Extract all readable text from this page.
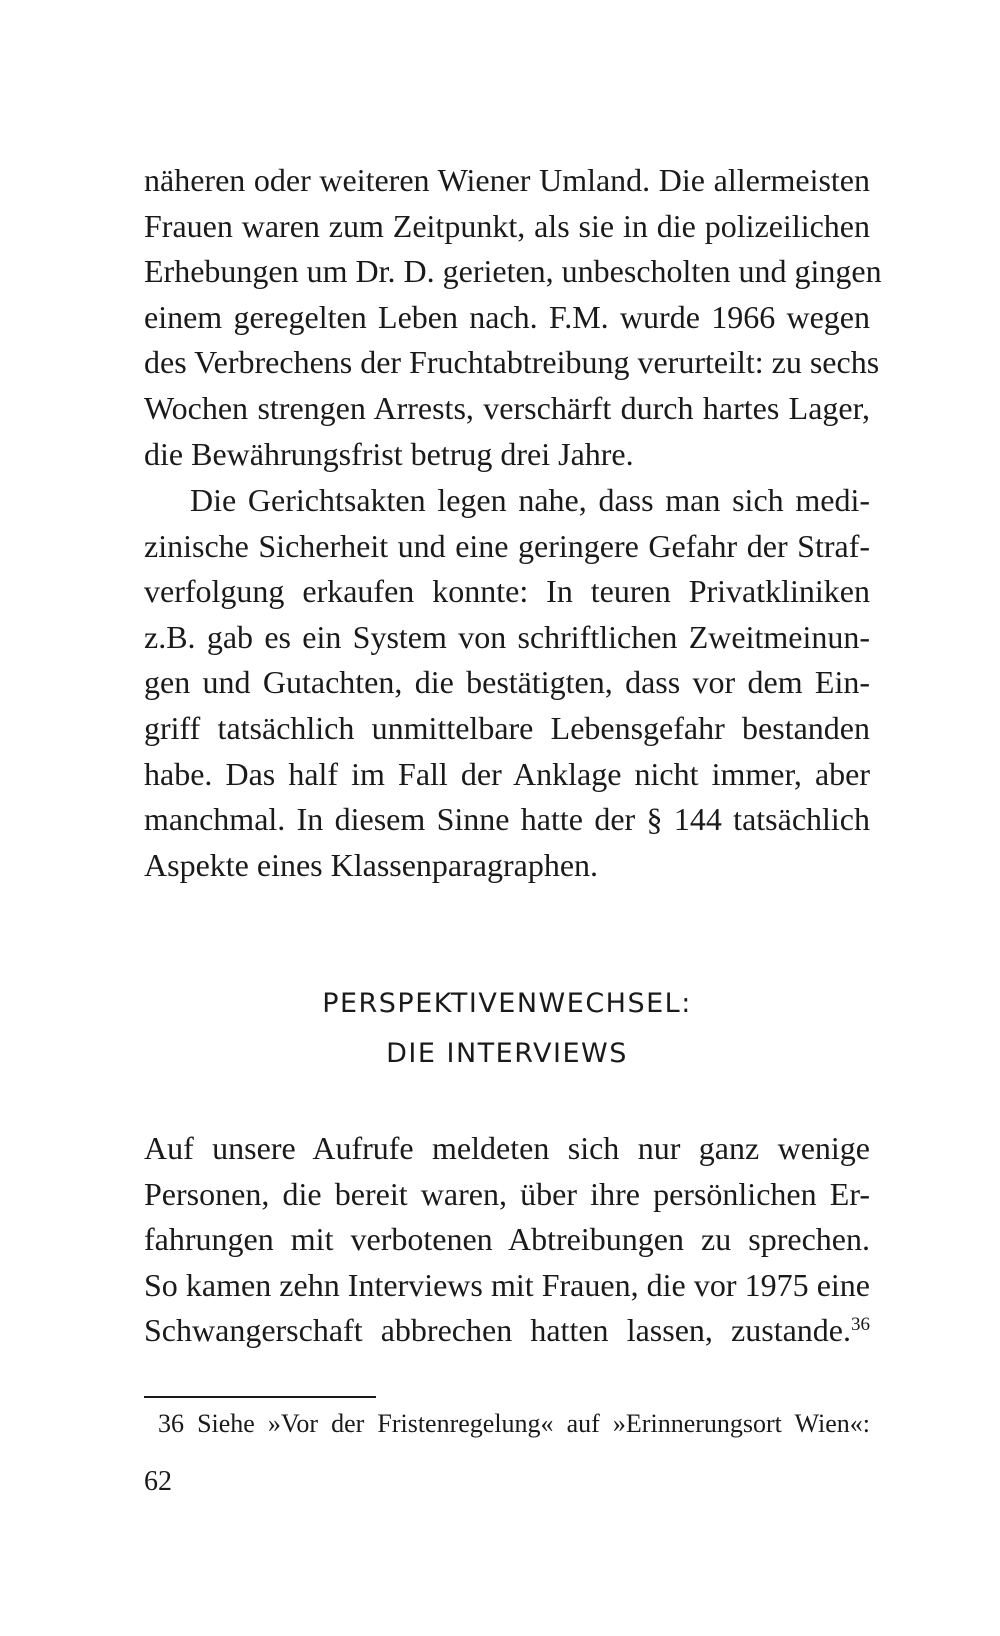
näheren oder weiteren Wiener Umland. Die allermeisten
Frauen waren zum Zeitpunkt, als sie in die polizeilichen
Erhebungen um Dr. D. gerieten, unbescholten und gingen
einem geregelten Leben nach. F.M. wurde 1966 wegen
des Verbrechens der Fruchtabtreibung verurteilt: zu sechs
Wochen strengen Arrests, verschärft durch hartes Lager,
die Bewährungsfrist betrug drei Jahre.
Die Gerichtsakten legen nahe, dass man sich medi-
zinische Sicherheit und eine geringere Gefahr der Straf-
verfolgung erkaufen konnte: In teuren Privatkliniken
z.B. gab es ein System von schriftlichen Zweitmeinun-
gen und Gutachten, die bestätigten, dass vor dem Ein-
griff tatsächlich unmittelbare Lebensgefahr bestanden
habe. Das half im Fall der Anklage nicht immer, aber
manchmal. In diesem Sinne hatte der § 144 tatsächlich
Aspekte eines Klassenparagraphen.
PERSPEKTIVENWECHSEL:
DIE INTERVIEWS
Auf unsere Aufrufe meldeten sich nur ganz wenige
Personen, die bereit waren, über ihre persönlichen Er-
fahrungen mit verbotenen Abtreibungen zu sprechen.
So kamen zehn Interviews mit Frauen, die vor 1975 eine
Schwangerschaft abbrechen hatten lassen, zustande.$^{36}$
36 Siehe »Vor der Fristenregelung« auf »Erinnerungsort Wien«:
62
